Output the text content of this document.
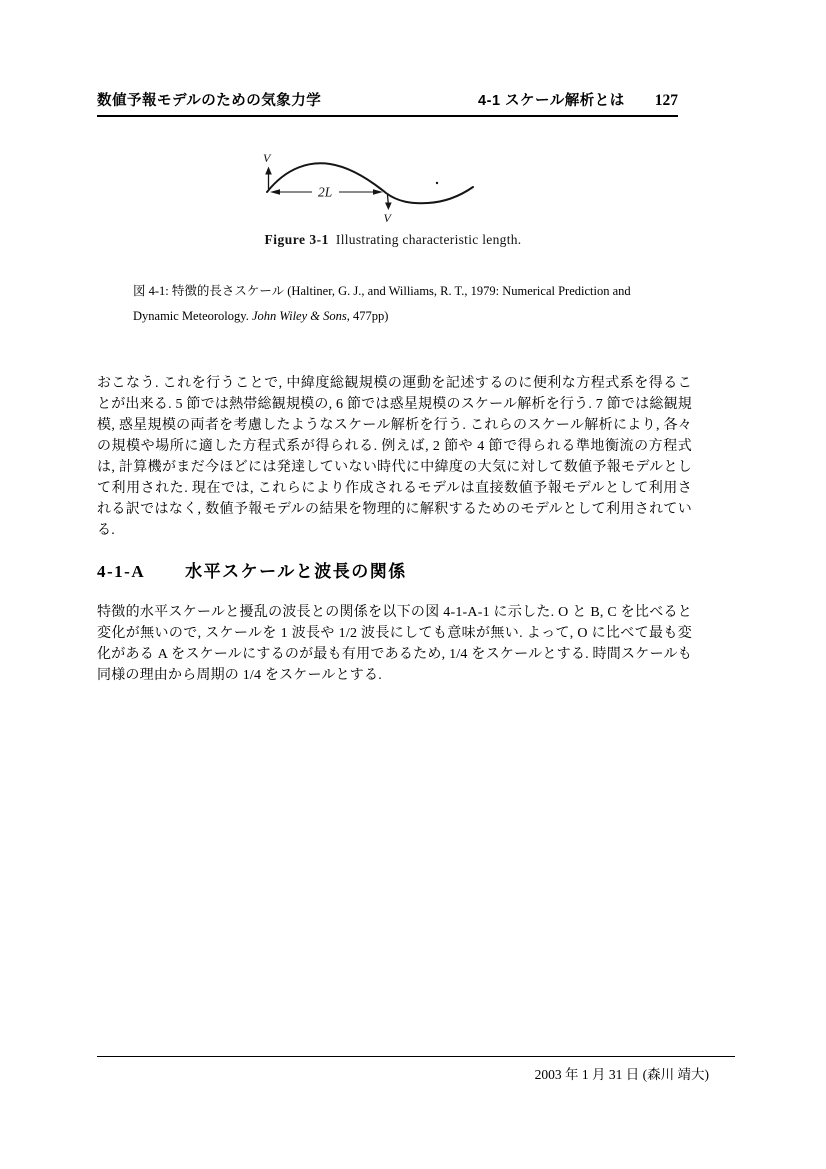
数値予報モデルのための気象力学	4-1 スケール解析とは 127
V
2L
V
Figure 3-1 Illustrating characteristic length.
図 4-1: 特徴的長さスケール (Haltiner, G. J., and Williams, R. T., 1979: Numerical Prediction and
Dynamic Meteorology. John Wiley & Sons, 477pp)

おこなう. これを行うことで, 中緯度総観規模の運動を記述するのに便利な方程式系を得ることが出来る. 5 節では熱帯総観規模の, 6 節では惑星規模のスケール解析を行う. 7 節では総観規模, 惑星規模の両者を考慮したようなスケール解析を行う. これらのスケール解析により, 各々の規模や場所に適した方程式系が得られる. 例えば, 2 節や 4 節で得られる準地衡流の方程式は, 計算機がまだ今ほどには発達していない時代に中緯度の大気に対して数値予報モデルとして利用された. 現在では, これらにより作成されるモデルは直接数値予報モデルとして利用される訳ではなく, 数値予報モデルの結果を物理的に解釈するためのモデルとして利用されている.

4-1-A 水平スケールと波長の関係

特徴的水平スケールと擾乱の波長との関係を以下の図 4-1-A-1 に示した. O と B, C を比べると変化が無いので, スケールを 1 波長や 1/2 波長にしても意味が無い. よって, O に比べて最も変化がある A をスケールにするのが最も有用であるため, 1/4 をスケールとする. 時間スケールも同様の理由から周期の 1/4 をスケールとする.

2003 年 1 月 31 日 (森川 靖大)
